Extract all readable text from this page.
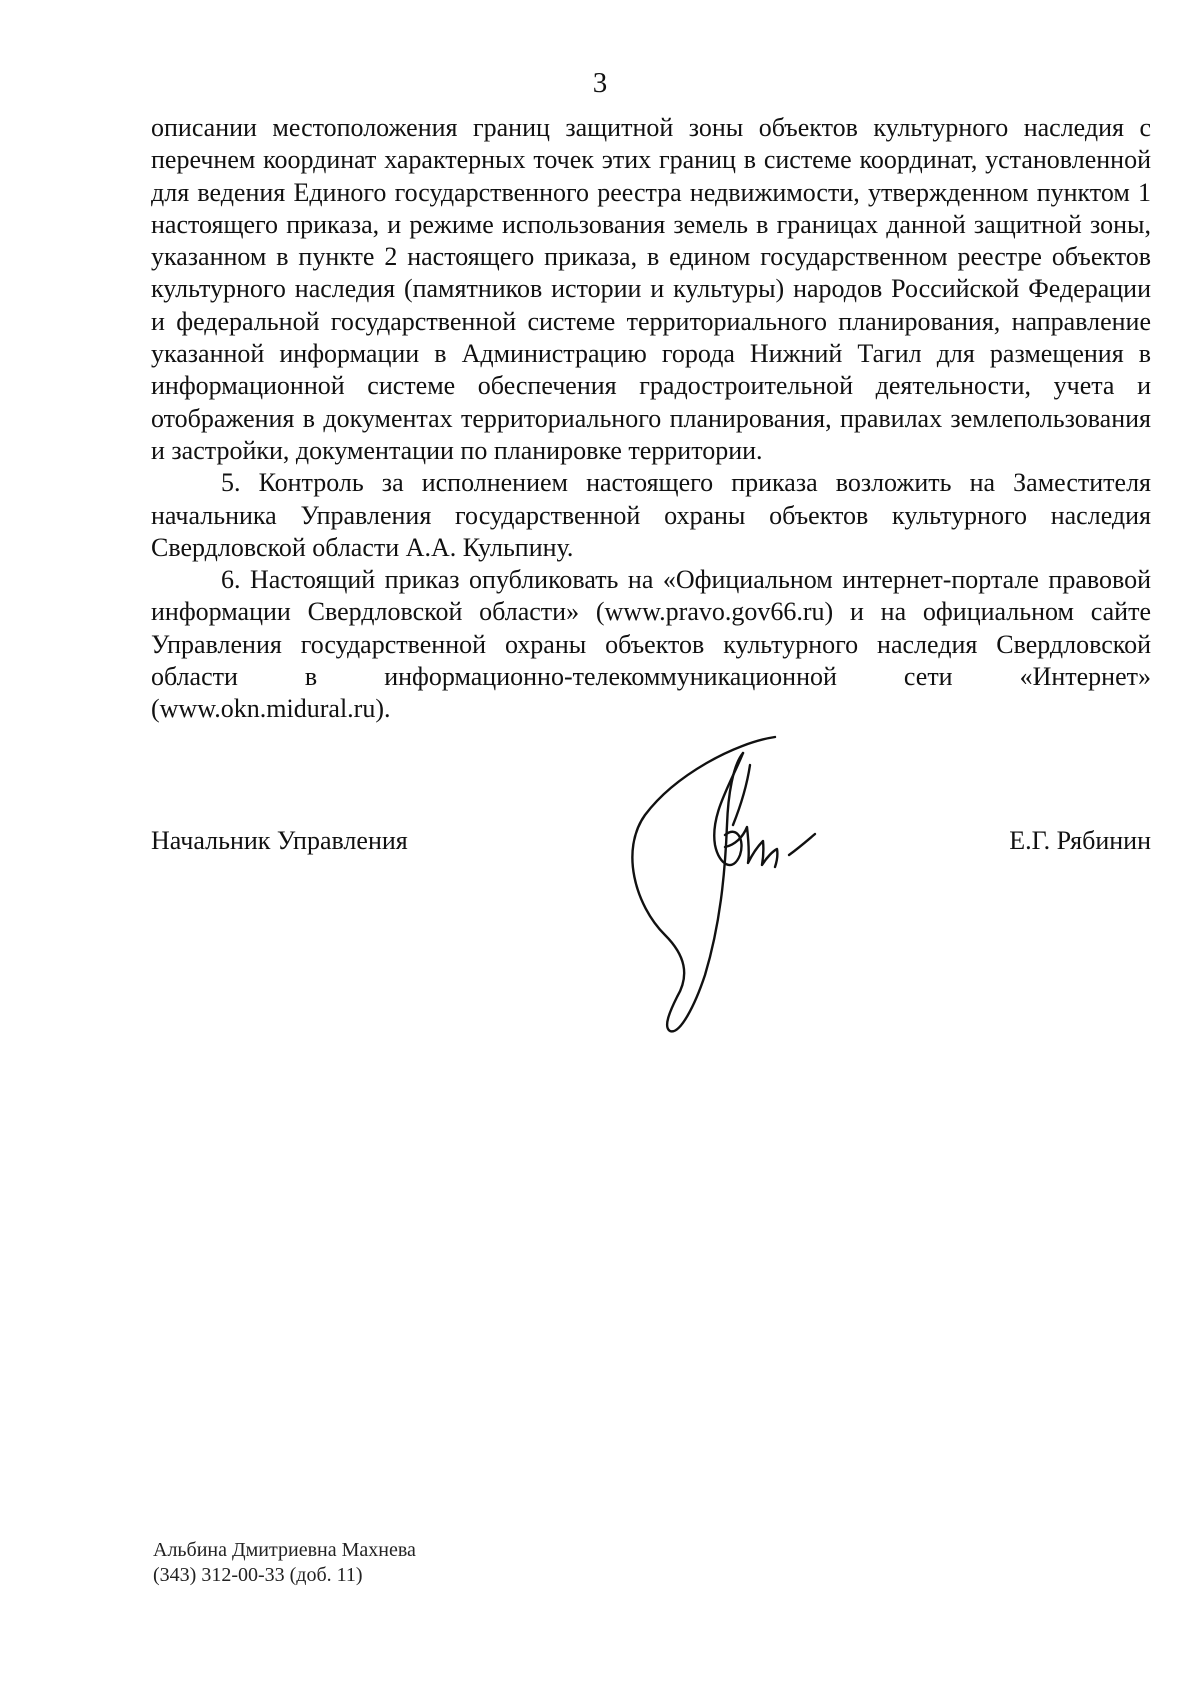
3

описании местоположения границ защитной зоны объектов культурного наследия с перечнем координат характерных точек этих границ в системе координат, установленной для ведения Единого государственного реестра недвижимости, утвержденном пунктом 1 настоящего приказа, и режиме использования земель в границах данной защитной зоны, указанном в пункте 2 настоящего приказа, в едином государственном реестре объектов культурного наследия (памятников истории и культуры) народов Российской Федерации и федеральной государственной системе территориального планирования, направление указанной информации в Администрацию города Нижний Тагил для размещения в информационной системе обеспечения градостроительной деятельности, учета и отображения в документах территориального планирования, правилах землепользования и застройки, документации по планировке территории.

5. Контроль за исполнением настоящего приказа возложить на Заместителя начальника Управления государственной охраны объектов культурного наследия Свердловской области А.А. Кульпину.

6. Настоящий приказ опубликовать на «Официальном интернет-портале правовой информации Свердловской области» (www.pravo.gov66.ru) и на официальном сайте Управления государственной охраны объектов культурного наследия Свердловской области в информационно-телекоммуникационной сети «Интернет» (www.okn.midural.ru).

Начальник Управления	Е.Г. Рябинин
Альбина Дмитриевна Махнева
(343) 312-00-33 (доб. 11)
